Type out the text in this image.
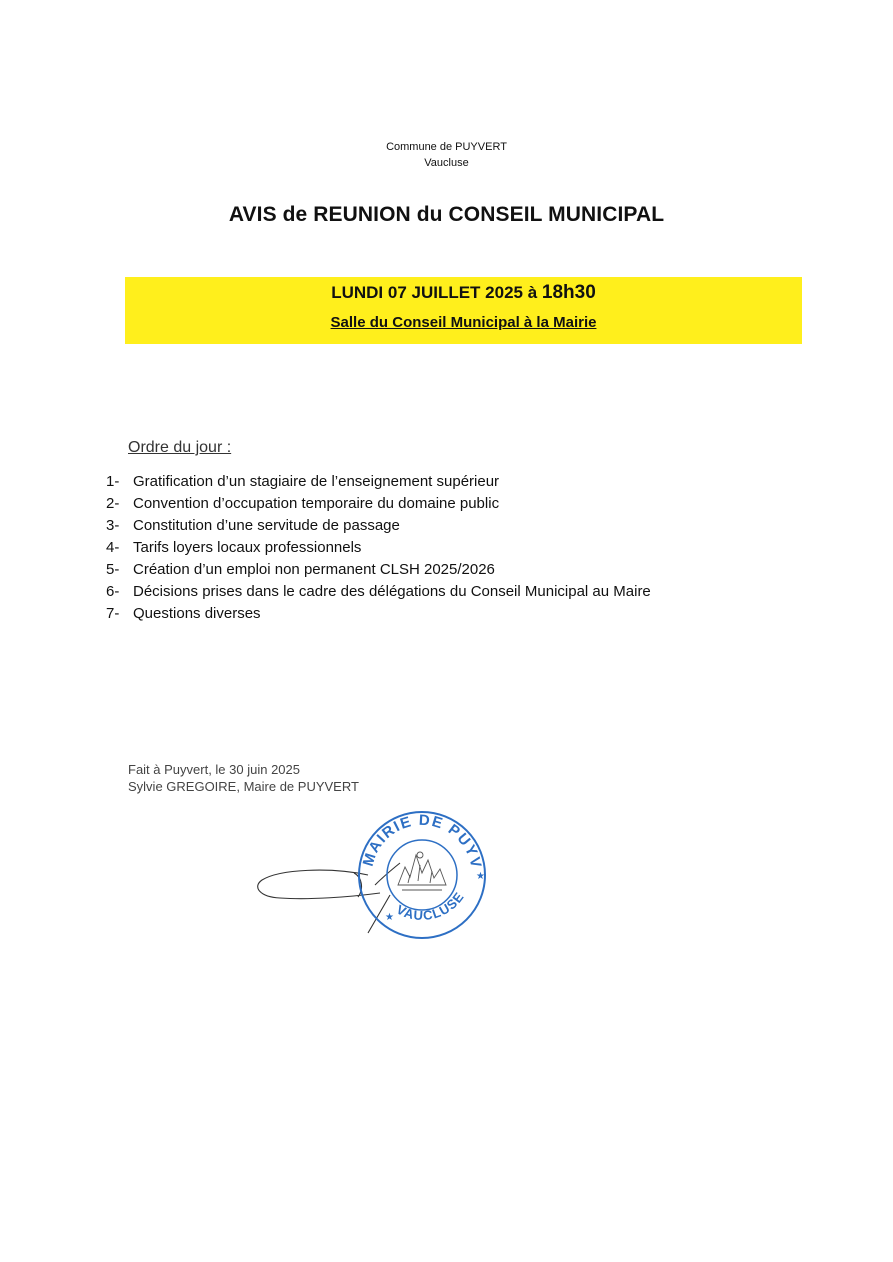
Commune de PUYVERT
Vaucluse
AVIS de REUNION du CONSEIL MUNICIPAL
LUNDI 07 JUILLET 2025 à 18h30
Salle du Conseil Municipal à la Mairie
Ordre du jour :
1- Gratification d’un stagiaire de l’enseignement supérieur
2- Convention d’occupation temporaire du domaine public
3- Constitution d’une servitude de passage
4- Tarifs loyers locaux professionnels
5- Création d’un emploi non permanent CLSH 2025/2026
6- Décisions prises dans le cadre des délégations du Conseil Municipal au Maire
7- Questions diverses
Fait à Puyvert, le 30 juin 2025
Sylvie GREGOIRE, Maire de PUYVERT
MAIRIE DE PUYV
VAUCLUSE
★
★
